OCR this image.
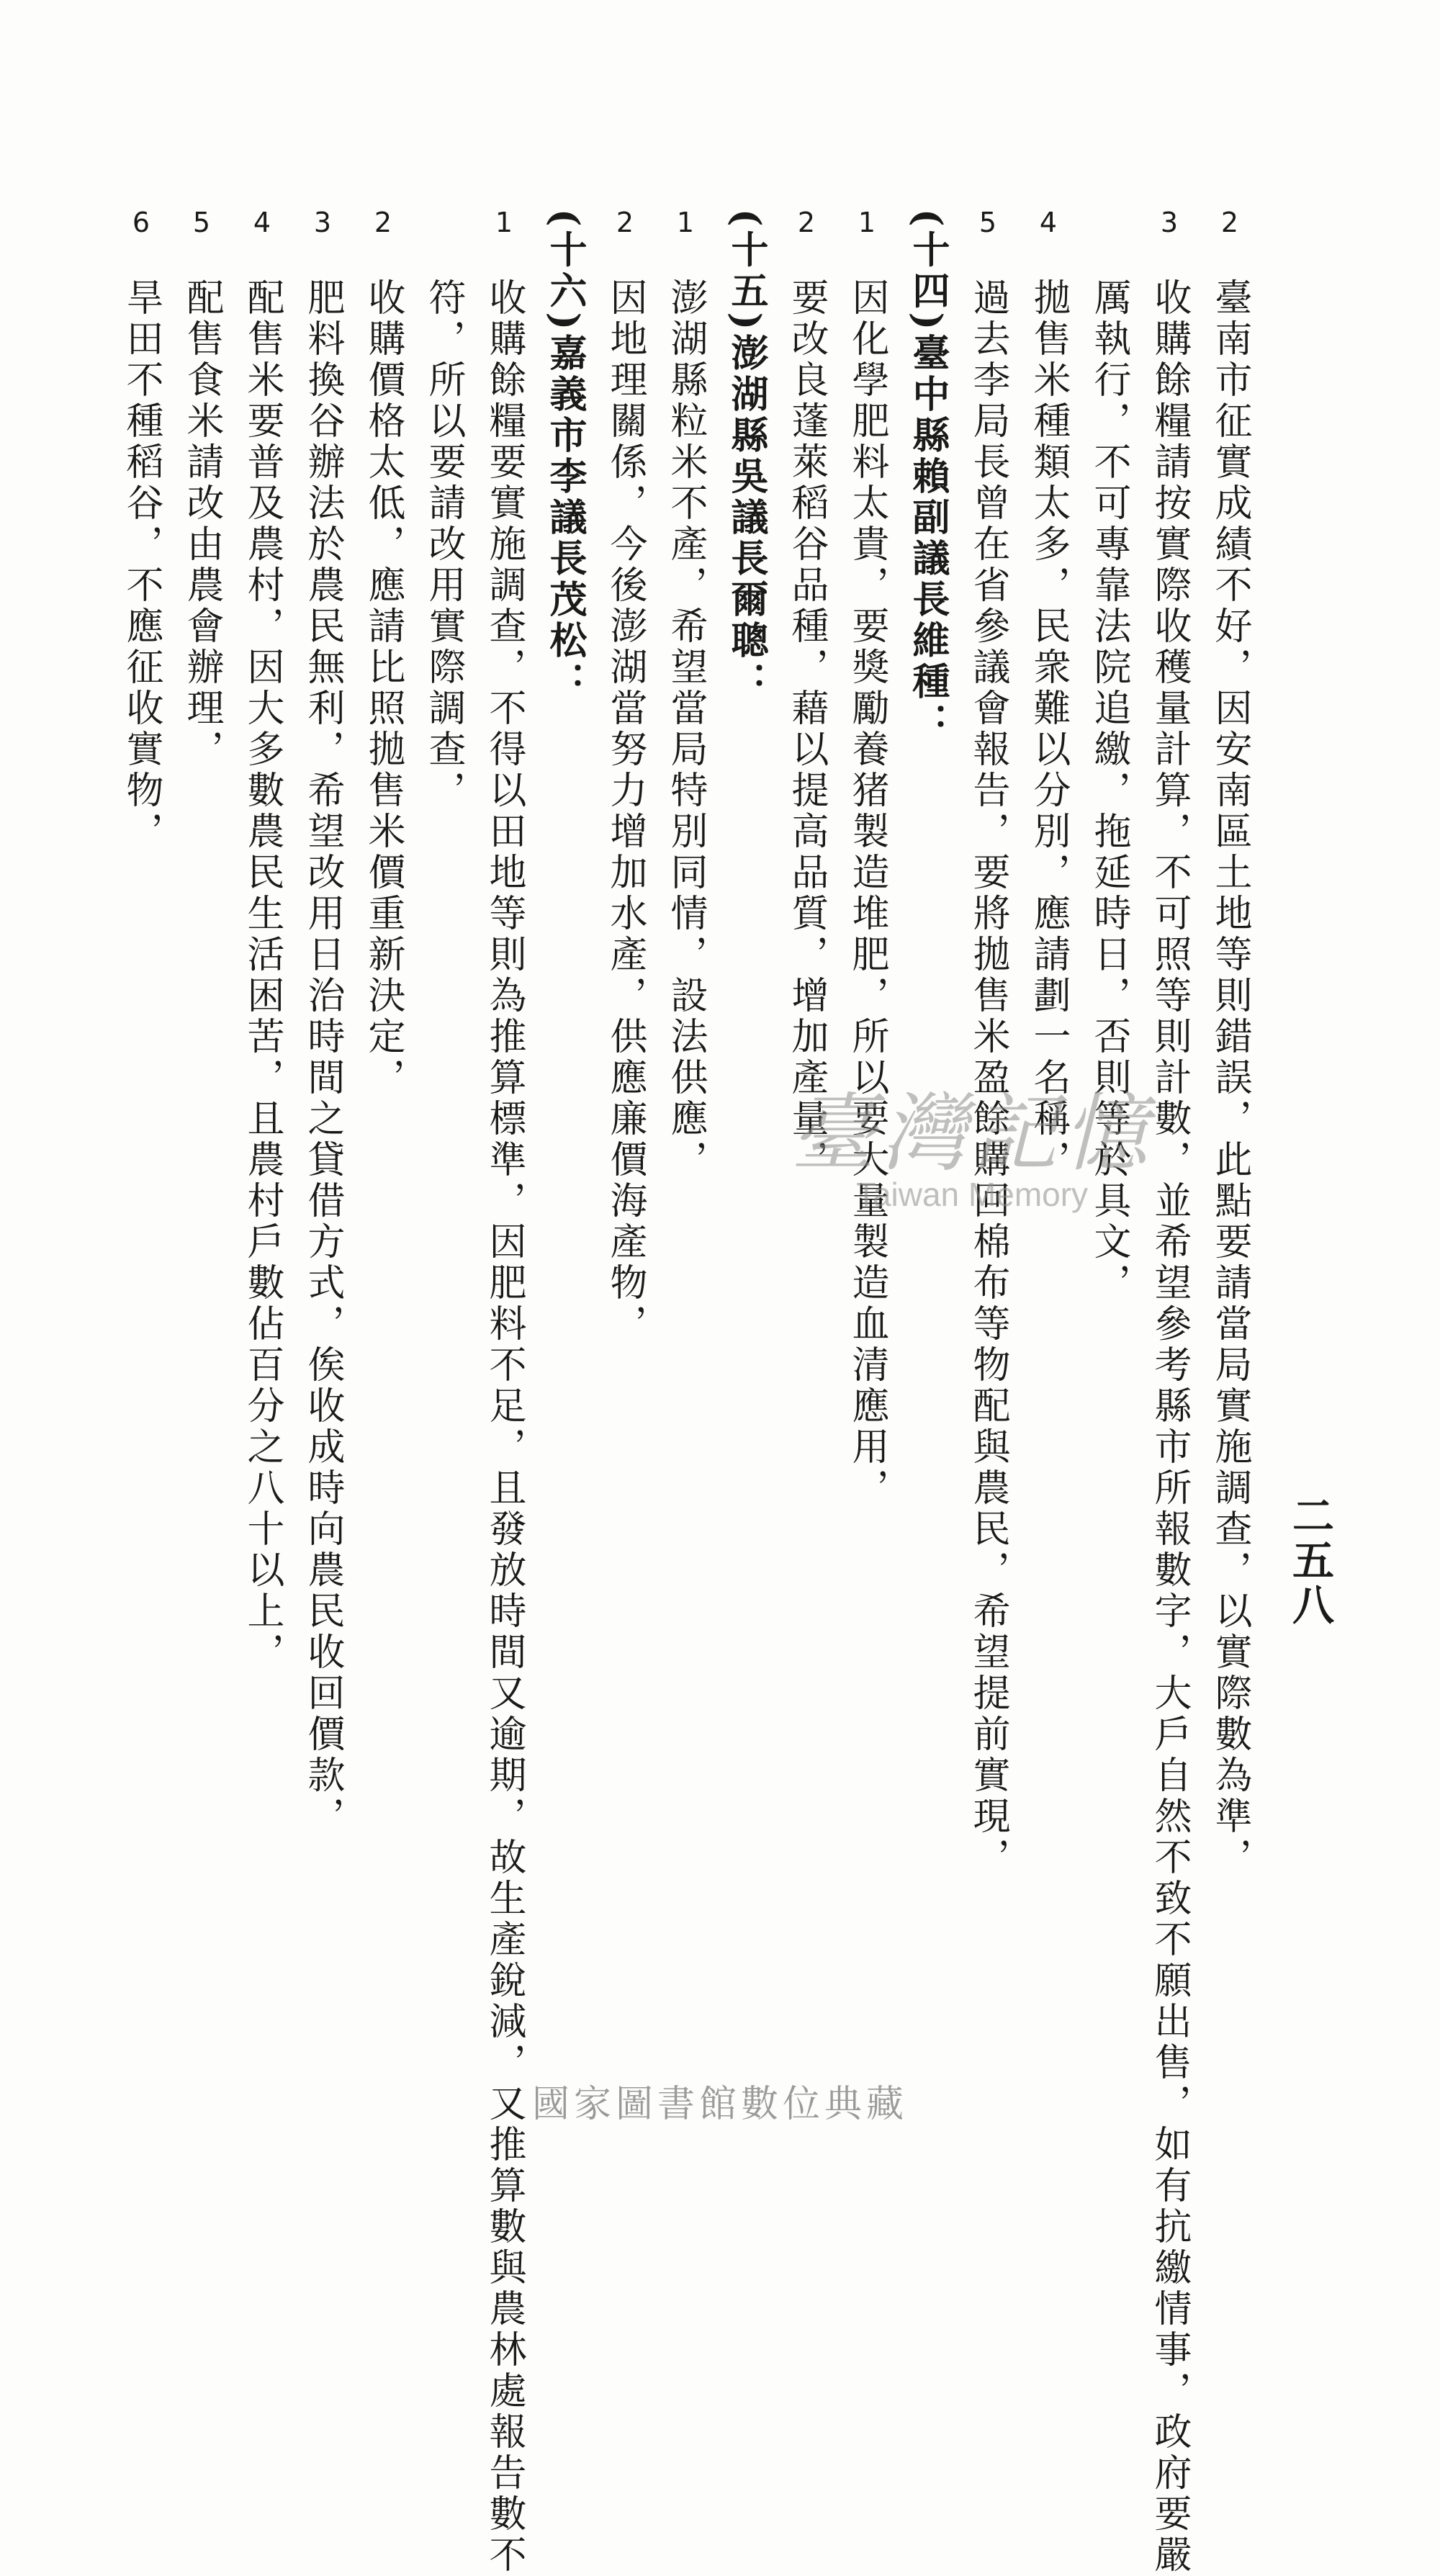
二五八
2臺南市征實成績不好，因安南區土地等則錯誤，此點要請當局實施調查，以實際數為準，
3收購餘糧請按實際收穫量計算，不可照等則計數，並希望參考縣市所報數字，大戶自然不致不願出售，如有抗繳情事，政府要嚴
厲執行，不可專靠法院追繳，拖延時日，否則等於具文，
4拋售米種類太多，民衆難以分別，應請劃一名稱，
5過去李局長曾在省參議會報告，要將拋售米盈餘購回棉布等物配與農民，希望提前實現，
(十四)臺中縣賴副議長維種：
1因化學肥料太貴，要獎勵養猪製造堆肥，所以要大量製造血清應用，
2要改良蓬萊稻谷品種，藉以提高品質，增加產量，
(十五)澎湖縣吳議長爾聰：
1澎湖縣粒米不產，希望當局特別同情，設法供應，
2因地理關係，今後澎湖當努力增加水產，供應廉價海產物，
(十六)嘉義市李議長茂松：
1收購餘糧要實施調查，不得以田地等則為推算標準，因肥料不足，且發放時間又逾期，故生產銳減，又推算數與農林處報告數不
符，所以要請改用實際調查，
2收購價格太低，應請比照拋售米價重新決定，
3肥料換谷辦法於農民無利，希望改用日治時間之貸借方式，俟收成時向農民收回價款，
4配售米要普及農村，因大多數農民生活困苦，且農村戶數佔百分之八十以上，
5配售食米請改由農會辦理，
6旱田不種稻谷，不應征收實物，
臺灣記憶
Taiwan Memory
國家圖書館數位典藏
